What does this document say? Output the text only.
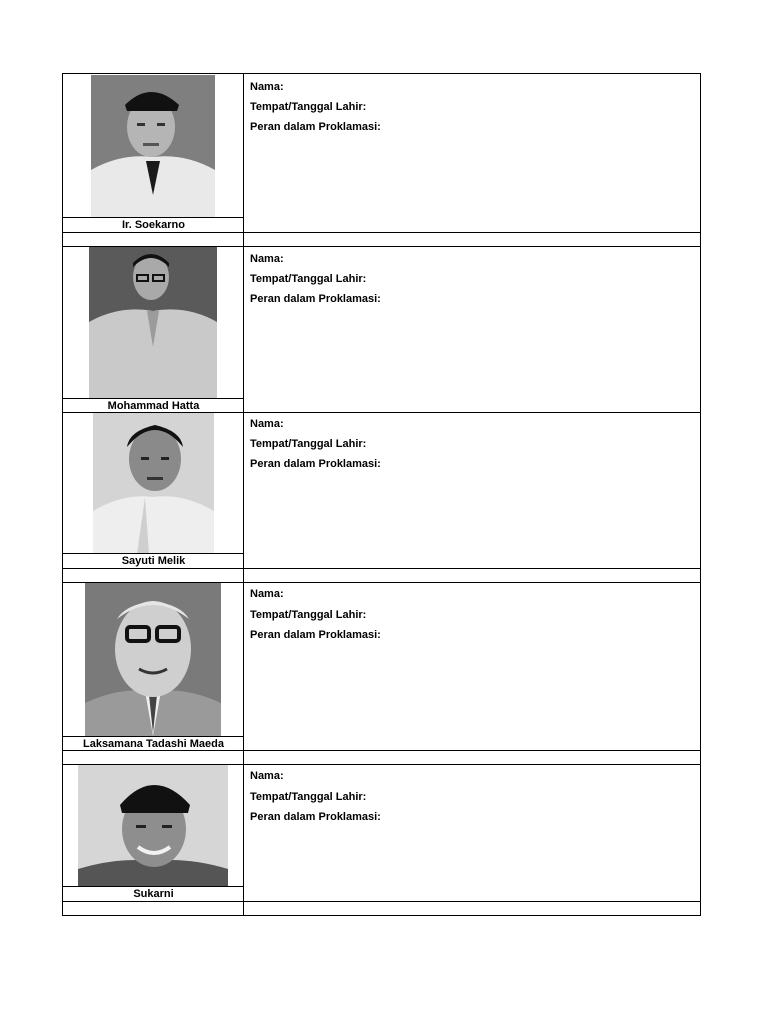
Ir. Soekarno
Nama:
Tempat/Tanggal Lahir:
Peran dalam Proklamasi:
Mohammad Hatta
Nama:
Tempat/Tanggal Lahir:
Peran dalam Proklamasi:
Sayuti Melik
Nama:
Tempat/Tanggal Lahir:
Peran dalam Proklamasi:
Laksamana Tadashi Maeda
Nama:
Tempat/Tanggal Lahir:
Peran dalam Proklamasi:
Sukarni
Nama:
Tempat/Tanggal Lahir:
Peran dalam Proklamasi:
